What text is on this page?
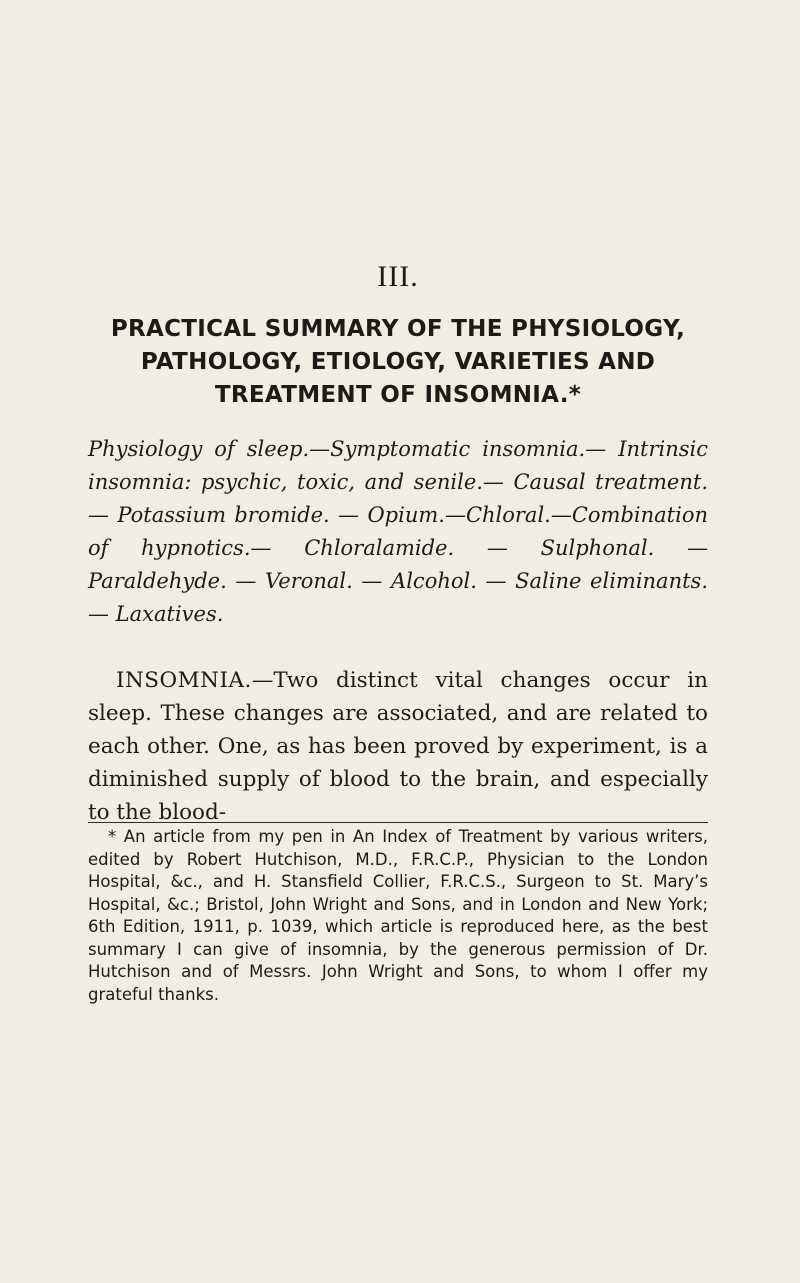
III.
PRACTICAL SUMMARY OF THE PHYSIOLOGY, PATHOLOGY, ETIOLOGY, VARIETIES AND TREATMENT OF INSOMNIA.*
Physiology of sleep.—Symptomatic insomnia.— Intrinsic insomnia: psychic, toxic, and senile.— Causal treatment. — Potassium bromide. — Opium.—Chloral.—Combination of hypnotics.— Chloralamide. — Sulphonal. — Paraldehyde. — Veronal. — Alcohol. — Saline eliminants. — Laxatives.
INSOMNIA.—Two distinct vital changes occur in sleep. These changes are associated, and are related to each other. One, as has been proved by experiment, is a diminished supply of blood to the brain, and especially to the blood-
* An article from my pen in An Index of Treatment by various writers, edited by Robert Hutchison, M.D., F.R.C.P., Physician to the London Hospital, &c., and H. Stansfield Collier, F.R.C.S., Surgeon to St. Mary’s Hospital, &c.; Bristol, John Wright and Sons, and in London and New York; 6th Edition, 1911, p. 1039, which article is reproduced here, as the best summary I can give of insomnia, by the generous permission of Dr. Hutchison and of Messrs. John Wright and Sons, to whom I offer my grateful thanks.
